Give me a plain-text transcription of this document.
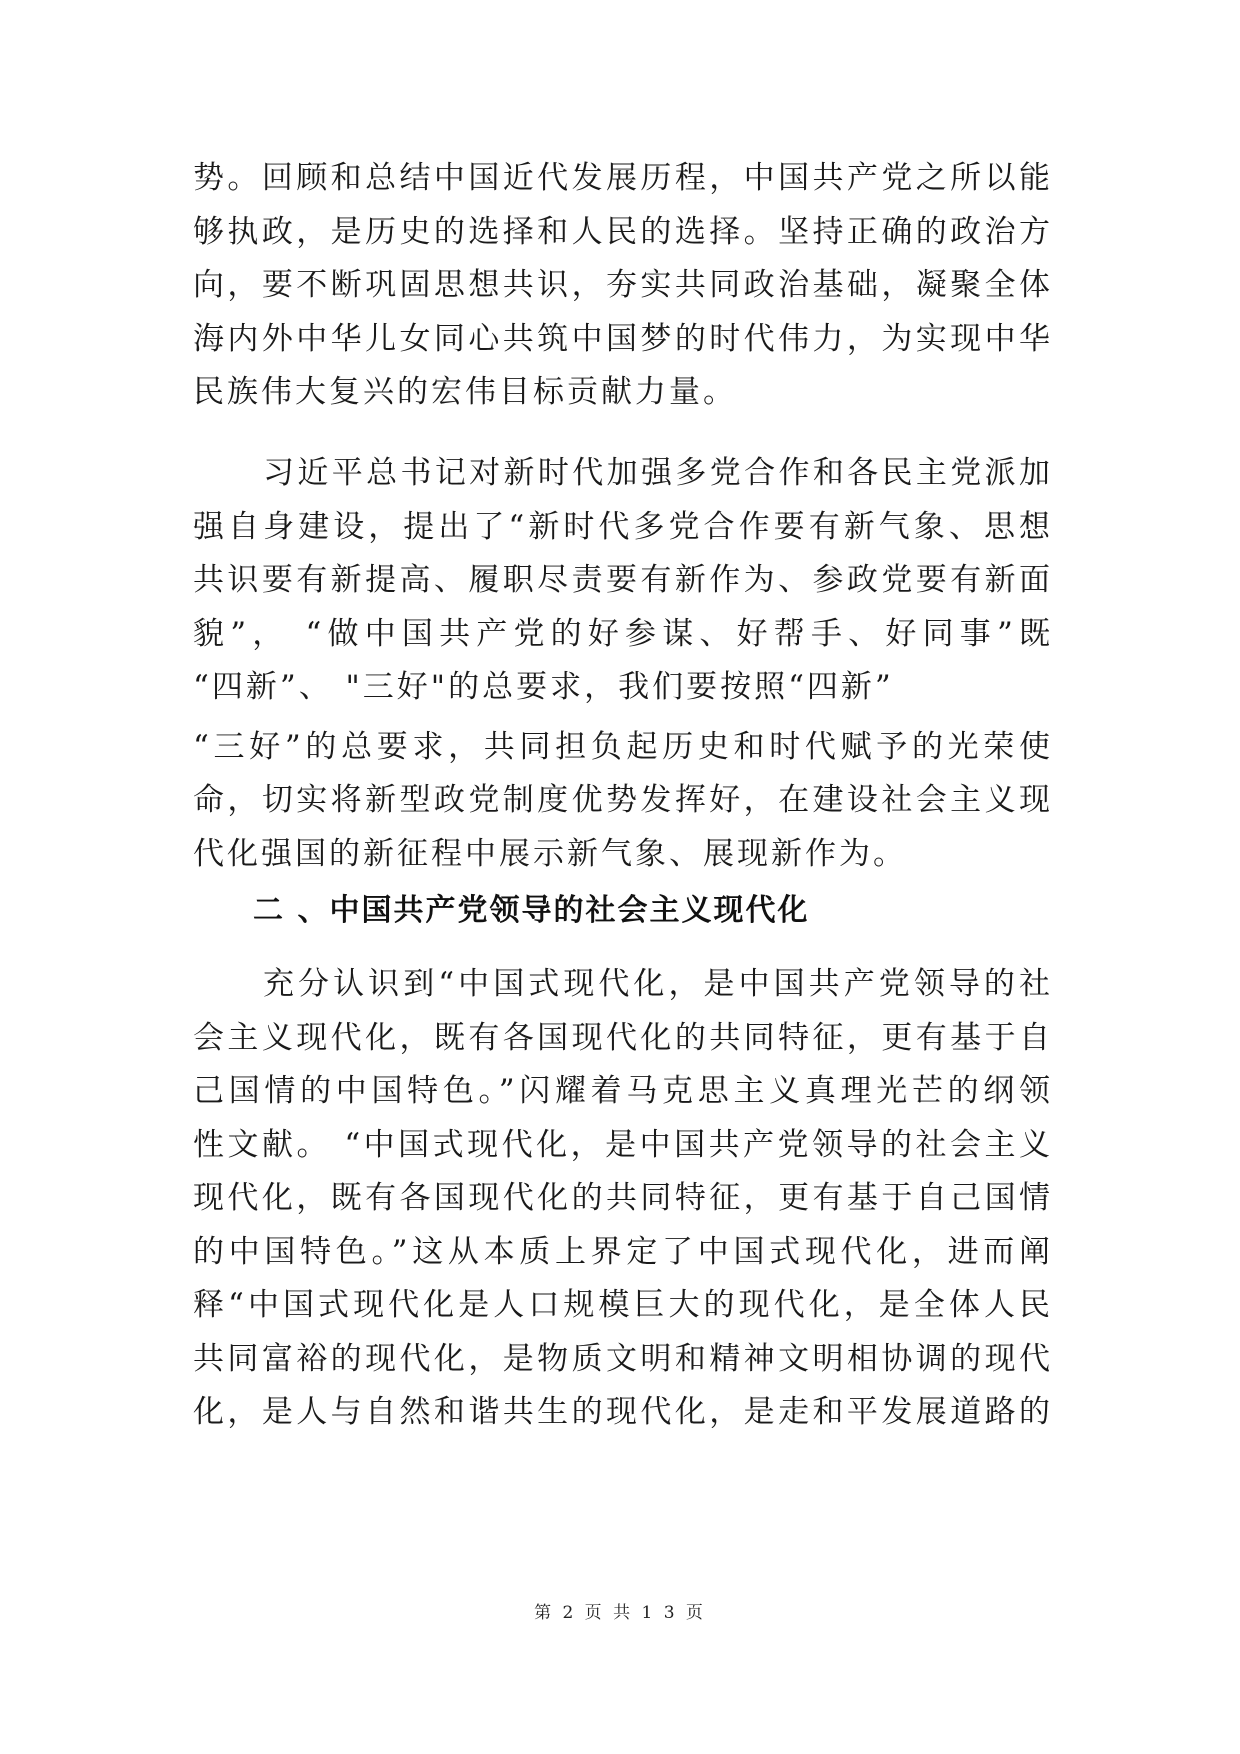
势。回顾和总结中国近代发展历程，中国共产党之所以能
够执政，是历史的选择和人民的选择。坚持正确的政治方
向，要不断巩固思想共识，夯实共同政治基础，凝聚全体
海内外中华儿女同心共筑中国梦的时代伟力，为实现中华
民族伟大复兴的宏伟目标贡献力量。
习近平总书记对新时代加强多党合作和各民主党派加
强自身建设，提出了“新时代多党合作要有新气象、思想
共识要有新提高、履职尽责要有新作为、参政党要有新面
貌”， “做中国共产党的好参谋、好帮手、好同事”既
“四新”、 "三好"的总要求，我们要按照“四新”
“三好”的总要求，共同担负起历史和时代赋予的光荣使
命，切实将新型政党制度优势发挥好，在建设社会主义现
代化强国的新征程中展示新气象、展现新作为。
二 、中国共产党领导的社会主义现代化
充分认识到“中国式现代化，是中国共产党领导的社
会主义现代化，既有各国现代化的共同特征，更有基于自
己国情的中国特色。”闪耀着马克思主义真理光芒的纲领
性文献。 “中国式现代化，是中国共产党领导的社会主义
现代化，既有各国现代化的共同特征，更有基于自己国情
的中国特色。”这从本质上界定了中国式现代化，进而阐
释“中国式现代化是人口规模巨大的现代化，是全体人民
共同富裕的现代化，是物质文明和精神文明相协调的现代
化，是人与自然和谐共生的现代化，是走和平发展道路的
第 2 页 共 1 3 页
